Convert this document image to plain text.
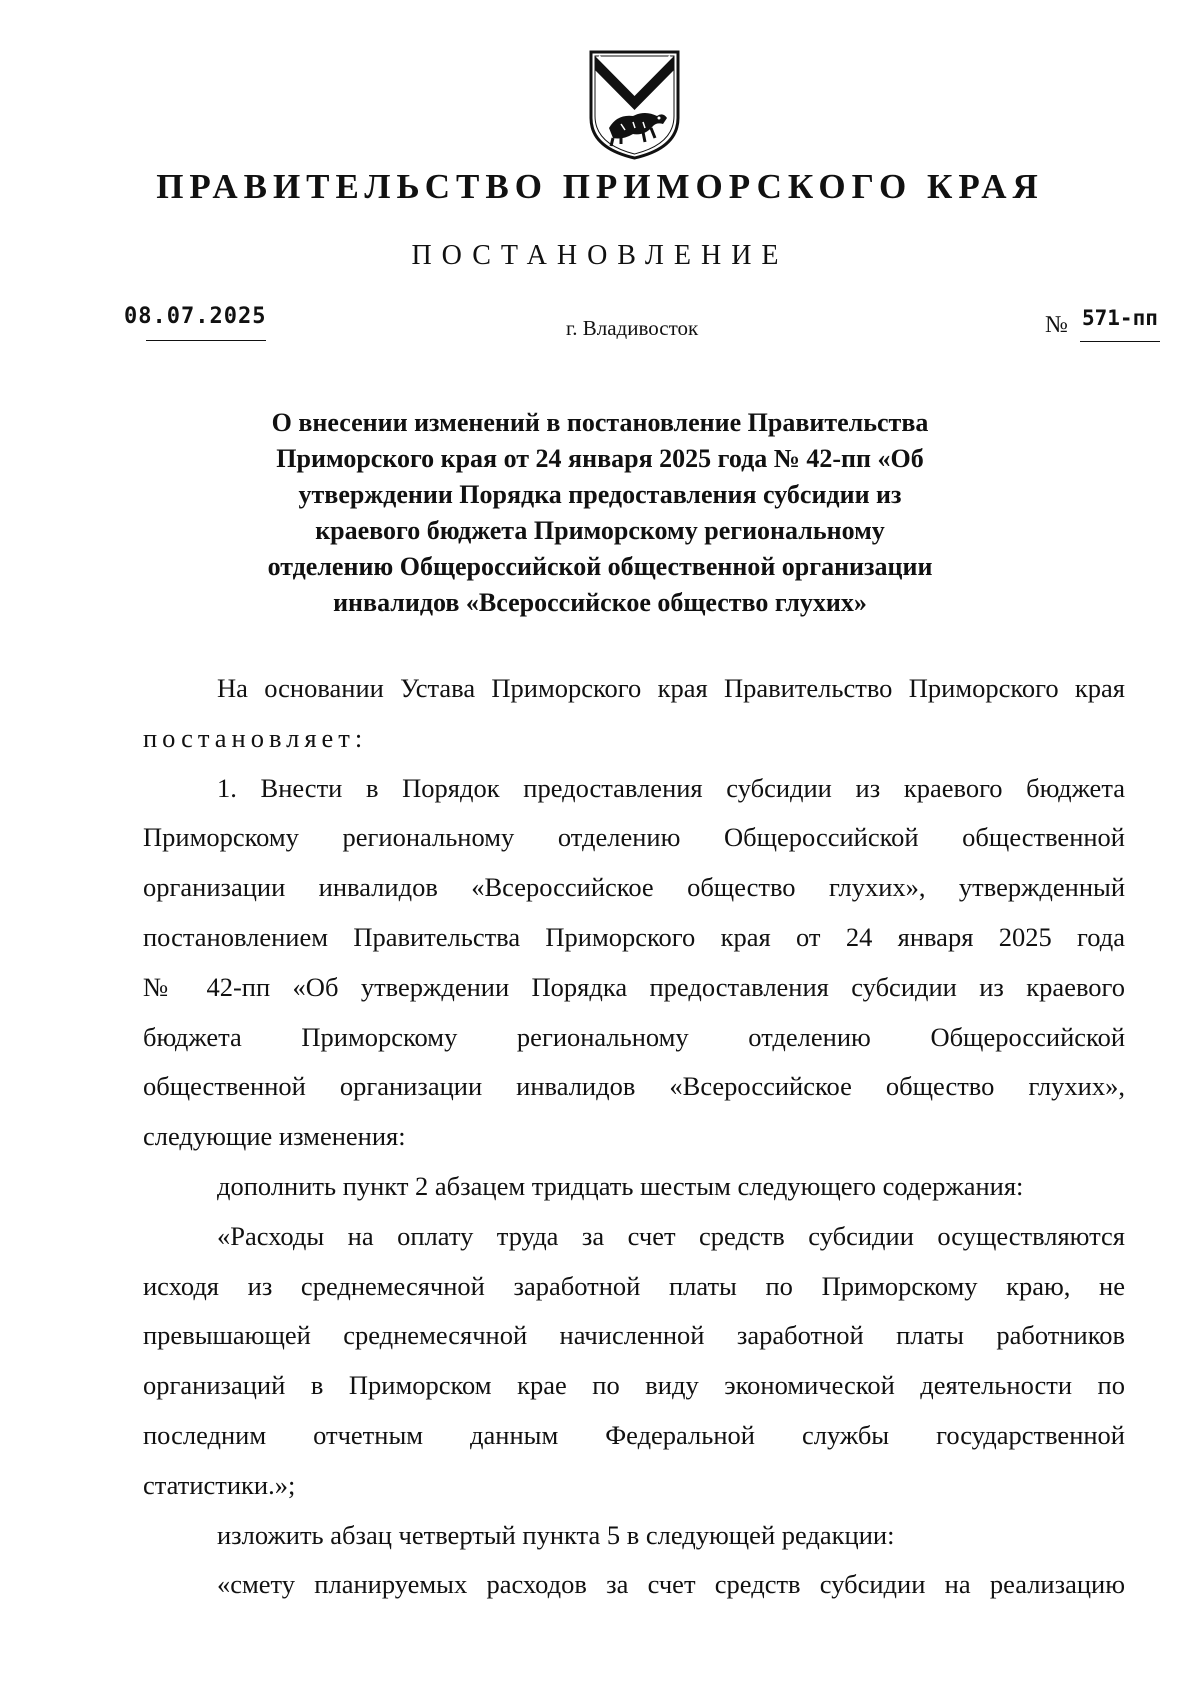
ПРАВИТЕЛЬСТВО ПРИМОРСКОГО КРАЯ
ПОСТАНОВЛЕНИЕ
08.07.2025	г. Владивосток	№ 571-пп
О внесении изменений в постановление Правительства
Приморского края от 24 января 2025 года № 42-пп «Об
утверждении Порядка предоставления субсидии из
краевого бюджета Приморскому региональному
отделению Общероссийской общественной организации
инвалидов «Всероссийское общество глухих»
На основании Устава Приморского края Правительство Приморского края
постановляет:
1. Внести в Порядок предоставления субсидии из краевого бюджета
Приморскому региональному отделению Общероссийской общественной
организации инвалидов «Всероссийское общество глухих», утвержденный
постановлением Правительства Приморского края от 24 января 2025 года
№ 42-пп «Об утверждении Порядка предоставления субсидии из краевого
бюджета Приморскому региональному отделению Общероссийской
общественной организации инвалидов «Всероссийское общество глухих»,
следующие изменения:
дополнить пункт 2 абзацем тридцать шестым следующего содержания:
«Расходы на оплату труда за счет средств субсидии осуществляются
исходя из среднемесячной заработной платы по Приморскому краю, не
превышающей среднемесячной начисленной заработной платы работников
организаций в Приморском крае по виду экономической деятельности по
последним отчетным данным Федеральной службы государственной
статистики.»;
изложить абзац четвертый пункта 5 в следующей редакции:
«смету планируемых расходов за счет средств субсидии на реализацию
